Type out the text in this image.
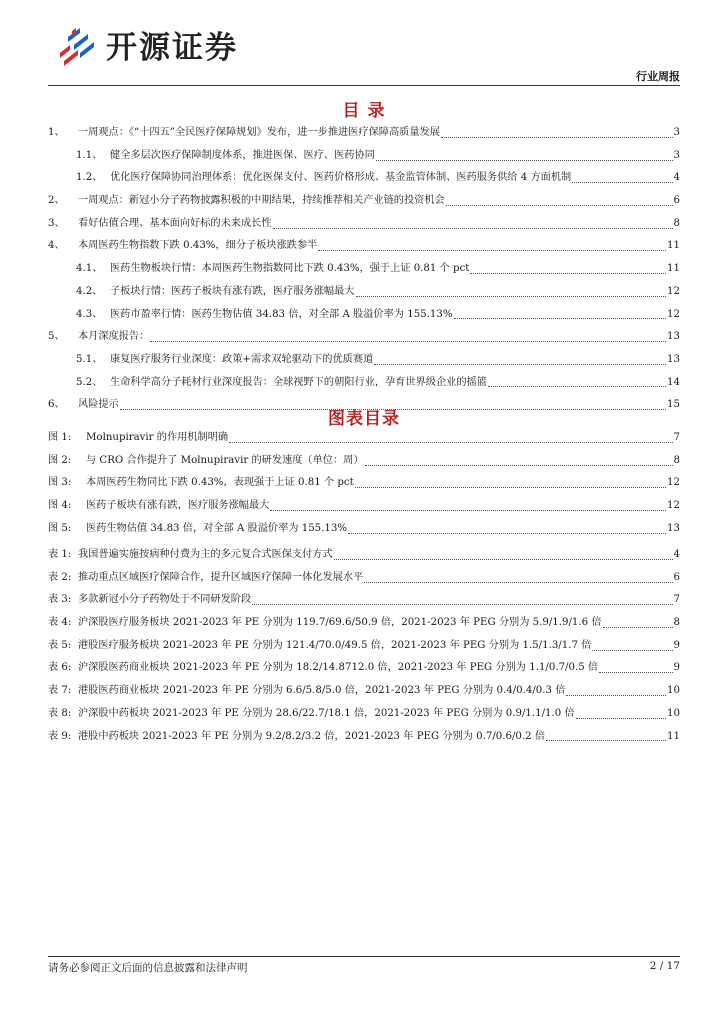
开源证券
行业周报
目 录
1、	一周观点：《“十四五”全民医疗保障规划》发布，进一步推进医疗保障高质量发展	3
1.1、 健全多层次医疗保障制度体系，推进医保、医疗、医药协同	3
1.2、 优化医疗保障协同治理体系：优化医保支付、医药价格形成、基金监管体制、医药服务供给 4 方面机制	4
2、	一周观点：新冠小分子药物披露积极的中期结果，持续推荐相关产业链的投资机会	6
3、	看好估值合理、基本面向好标的未来成长性	8
4、	本周医药生物指数下跌 0.43%，细分子板块涨跌参半	11
4.1、 医药生物板块行情：本周医药生物指数同比下跌 0.43%，强于上证 0.81 个 pct	11
4.2、 子板块行情：医药子板块有涨有跌，医疗服务涨幅最大	12
4.3、 医药市盈率行情：医药生物估值 34.83 倍，对全部 A 股溢价率为 155.13%	12
5、	本月深度报告：	13
5.1、 康复医疗服务行业深度：政策+需求双轮驱动下的优质赛道	13
5.2、 生命科学高分子耗材行业深度报告：全球视野下的朝阳行业，孕育世界级企业的摇篮	14
6、	风险提示	15
图表目录
图 1:	Molnupiravir 的作用机制明确	7
图 2:	与 CRO 合作提升了 Molnupiravir 的研发速度（单位：周）	8
图 3:	本周医药生物同比下跌 0.43%，表现强于上证 0.81 个 pct	12
图 4:	医药子板块有涨有跌，医疗服务涨幅最大	12
图 5:	医药生物估值 34.83 倍，对全部 A 股溢价率为 155.13%	13
表 1: 我国普遍实施按病种付费为主的多元复合式医保支付方式	4
表 2: 推动重点区域医疗保障合作，提升区域医疗保障一体化发展水平	6
表 3: 多款新冠小分子药物处于不同研发阶段	7
表 4: 沪深股医疗服务板块 2021-2023 年 PE 分别为 119.7/69.6/50.9 倍，2021-2023 年 PEG 分别为 5.9/1.9/1.6 倍	8
表 5: 港股医疗服务板块 2021-2023 年 PE 分别为 121.4/70.0/49.5 倍，2021-2023 年 PEG 分别为 1.5/1.3/1.7 倍	9
表 6: 沪深股医药商业板块 2021-2023 年 PE 分别为 18.2/14.8712.0 倍，2021-2023 年 PEG 分别为 1.1/0.7/0.5 倍	9
表 7: 港股医药商业板块 2021-2023 年 PE 分别为 6.6/5.8/5.0 倍，2021-2023 年 PEG 分别为 0.4/0.4/0.3 倍	10
表 8: 沪深股中药板块 2021-2023 年 PE 分别为 28.6/22.7/18.1 倍，2021-2023 年 PEG 分别为 0.9/1.1/1.0 倍	10
表 9: 港股中药板块 2021-2023 年 PE 分别为 9.2/8.2/3.2 倍，2021-2023 年 PEG 分别为 0.7/0.6/0.2 倍	11
请务必参阅正文后面的信息披露和法律声明	2 / 17
